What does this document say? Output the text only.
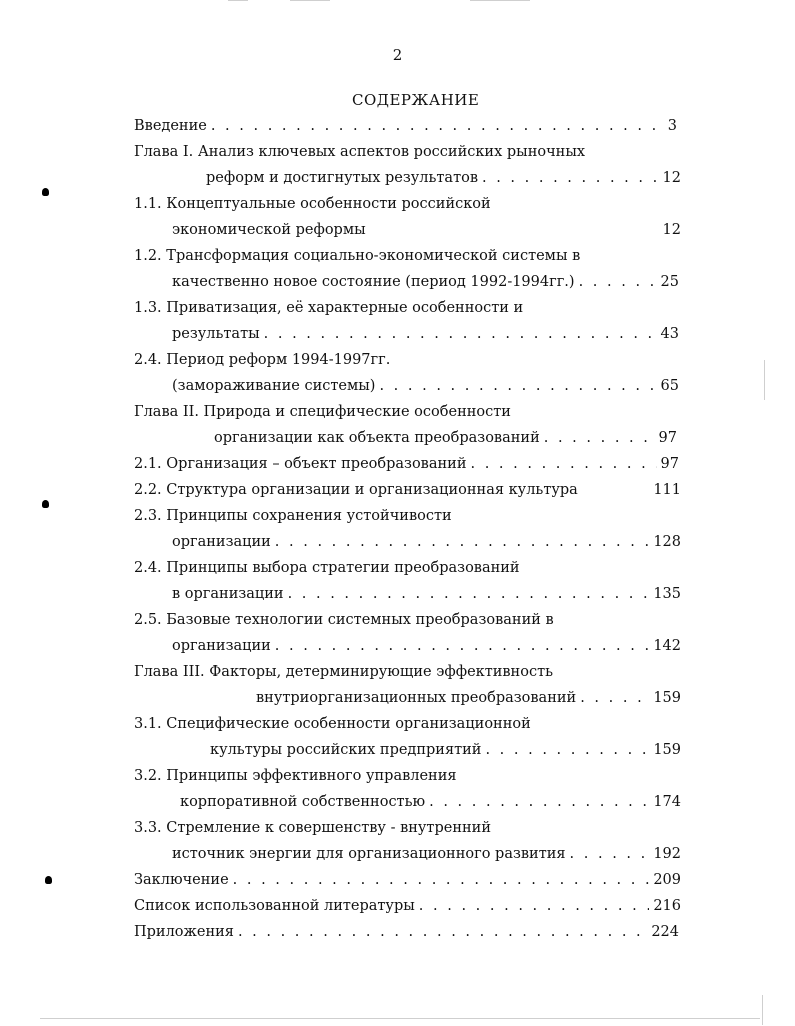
2
СОДЕРЖАНИЕ
Введение . . .	3
Глава I. Анализ ключевых аспектов российских рыночных
реформ и достигнутых результатов . . .	12
1.1. Концептуальные особенности российской
экономической реформы	12
1.2. Трансформация социально-экономической системы в
качественно новое состояние (период 1992-1994гг.) . . .	25
1.3. Приватизация, её характерные особенности и
результаты . . .	43
2.4. Период реформ 1994-1997гг.
(замораживание системы) . . .	65
Глава II. Природа и специфические особенности
организации как объекта преобразований . . .	97
2.1. Организация – объект преобразований . . .	97
2.2. Структура организации и организационная культура	111
2.3. Принципы сохранения устойчивости
организации . . .	128
2.4. Принципы выбора стратегии преобразований
в организации . . .	135
2.5. Базовые технологии системных преобразований в
организации . . .	142
Глава III. Факторы, детерминирующие эффективность
внутриорганизационных преобразований . . .	159
3.1. Специфические особенности организационной
культуры российских предприятий . . .	159
3.2. Принципы эффективного управления
корпоративной собственностью . . .	174
3.3. Стремление к совершенству - внутренний
источник энергии для организационного развития . . .	192
Заключение . . .	209
Список использованной литературы . . .	216
Приложения . . .	224
